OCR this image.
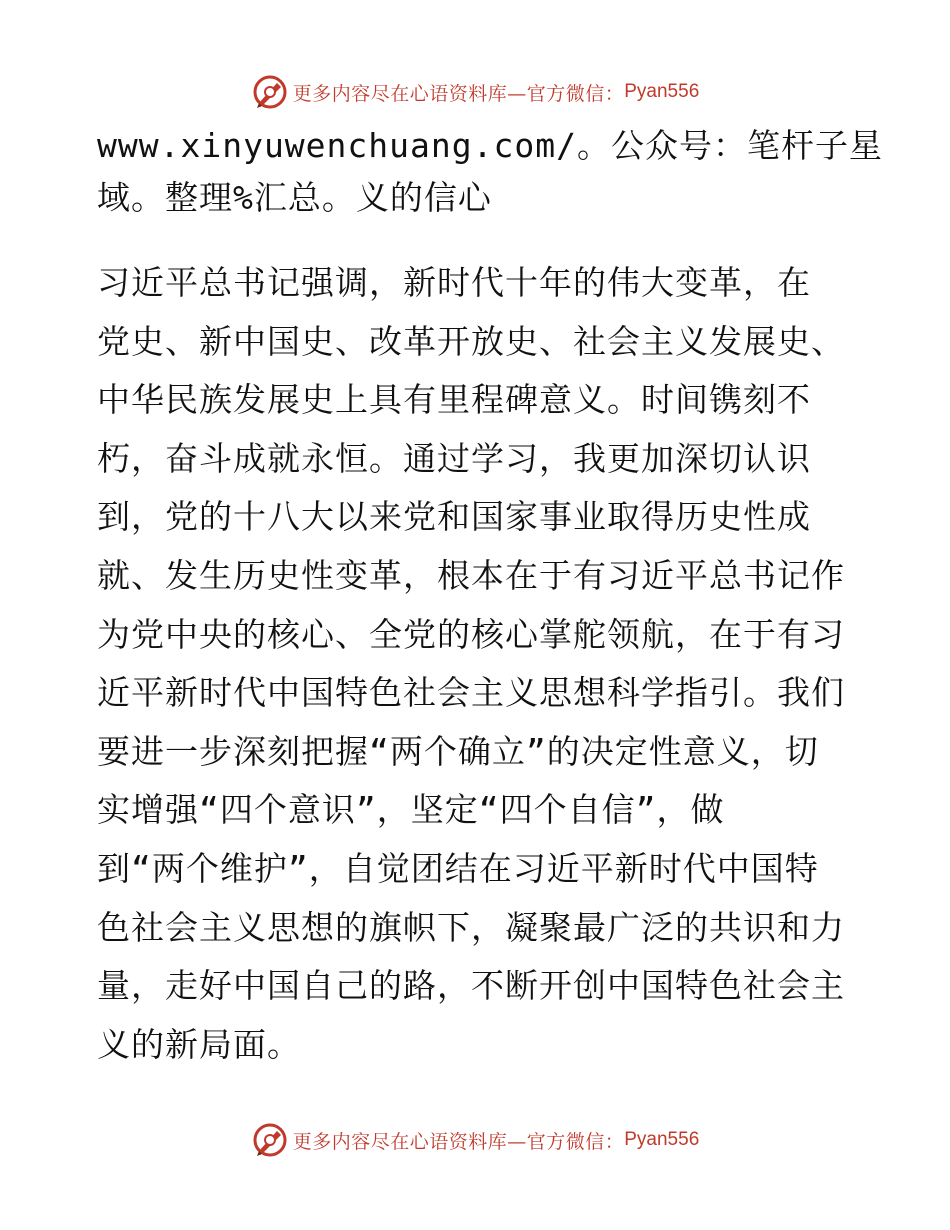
更多内容尽在心语资料库—官方微信： Pyan556
www.xinyuwenchuang.com/。公众号：笔杆子星
域。整理%汇总。义的信心
习近平总书记强调，新时代十年的伟大变革，在
党史、新中国史、改革开放史、社会主义发展史、
中华民族发展史上具有里程碑意义。时间镌刻不
朽，奋斗成就永恒。通过学习，我更加深切认识
到，党的十八大以来党和国家事业取得历史性成
就、发生历史性变革，根本在于有习近平总书记作
为党中央的核心、全党的核心掌舵领航，在于有习
近平新时代中国特色社会主义思想科学指引。我们
要进一步深刻把握“两个确立”的决定性意义，切
实增强“四个意识”，坚定“四个自信”，做
到“两个维护”，自觉团结在习近平新时代中国特
色社会主义思想的旗帜下，凝聚最广泛的共识和力
量，走好中国自己的路，不断开创中国特色社会主
义的新局面。
更多内容尽在心语资料库—官方微信： Pyan556
